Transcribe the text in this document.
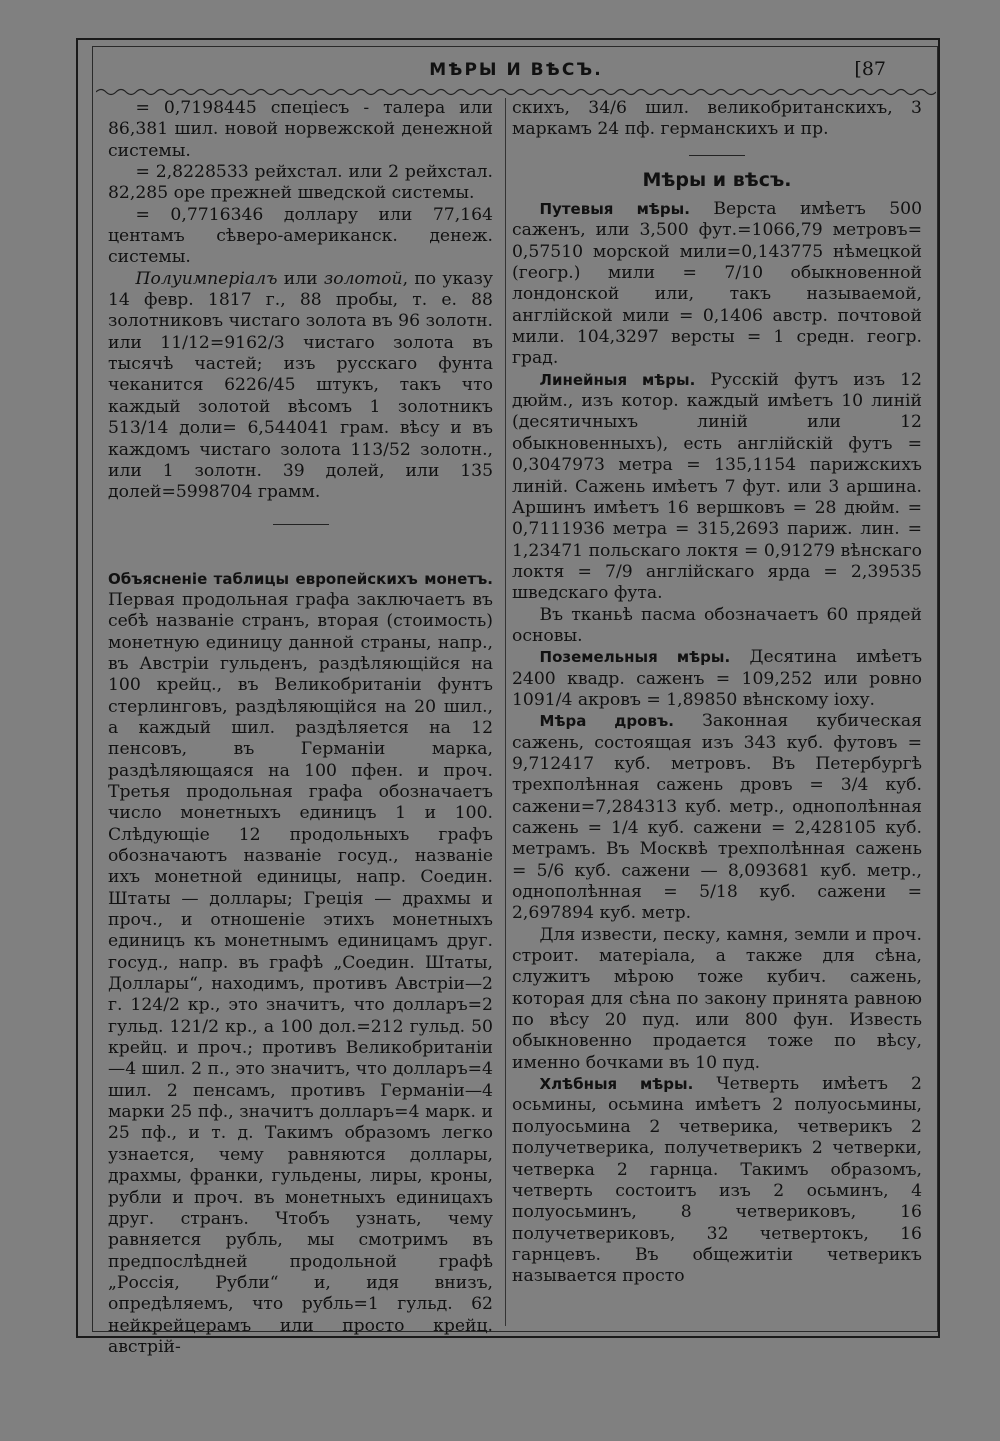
МѢРЫ И ВѢСЪ.	[87

= 0,7198445 спецiесъ - талера или 86,381 шил. новой норвежской денежной системы.

= 2,8228533 рейхстал. или 2 рейхстал. 82,285 оре прежней шведской системы.

= 0,7716346 доллару или 77,164 центамъ сѣверо-американск. денеж. системы.

Полуимперiалъ или золотой, по указу 14 февр. 1817 г., 88 пробы, т. е. 88 золотниковъ чистаго золота въ 96 золотн. или 11/12=9162/3 чистаго золота въ тысячѣ частей; изъ русскаго фунта чеканится 6226/45 штукъ, такъ что каждый золотой вѣсомъ 1 золотникъ 513/14 доли= 6,544041 грам. вѣсу и въ каждомъ чистаго золота 113/52 золотн., или 1 золотн. 39 долей, или 135 долей=5998704 грамм.

Объясненiе таблицы европейскихъ монетъ. Первая продольная графа заключаетъ въ себѣ названiе странъ, вторая (стоимость) монетную единицу данной страны, напр., въ Австрiи гульденъ, раздѣляющiйся на 100 крейц., въ Великобританiи фунтъ стерлинговъ, раздѣляющiйся на 20 шил., а каждый шил. раздѣляется на 12 пенсовъ, въ Германiи марка, раздѣляющаяся на 100 пфен. и проч. Третья продольная графа обозначаетъ число монетныхъ единицъ 1 и 100. Слѣдующiе 12 продольныхъ графъ обозначаютъ названiе госуд., названiе ихъ монетной единицы, напр. Соедин. Штаты — доллары; Грецiя — драхмы и проч., и отношенiе этихъ монетныхъ единицъ къ монетнымъ единицамъ друг. госуд., напр. въ графѣ „Соедин. Штаты, Доллары“, находимъ, противъ Австрiи—2 г. 124/2 кр., это значитъ, что долларъ=2 гульд. 121/2 кр., а 100 дол.=212 гульд. 50 крейц. и проч.; противъ Великобританiи—4 шил. 2 п., это значитъ, что долларъ=4 шил. 2 пенсамъ, противъ Германiи—4 марки 25 пф., значитъ долларъ=4 марк. и 25 пф., и т. д. Такимъ образомъ легко узнается, чему равняются доллары, драхмы, франки, гульдены, лиры, кроны, рубли и проч. въ монетныхъ единицахъ друг. странъ. Чтобъ узнать, чему равняется рубль, мы смотримъ въ предпослѣдней продольной графѣ „Россiя, Рубли“ и, идя внизъ, опредѣляемъ, что рубль=1 гульд. 62 нейкрейцерамъ или просто крейц. австрiй-

скихъ, 34/6 шил. великобританскихъ, 3 маркамъ 24 пф. германскихъ и пр.

Мѣры и вѣсъ.

Путевыя мѣры. Верста имѣетъ 500 саженъ, или 3,500 фут.=1066,79 метровъ= 0,57510 морской мили=0,143775 нѣмецкой (геогр.) мили = 7/10 обыкновенной лондонской или, такъ называемой, англiйской мили = 0,1406 австр. почтовой мили. 104,3297 версты = 1 средн. геогр. град.

Линейныя мѣры. Русскiй футъ изъ 12 дюйм., изъ котор. каждый имѣетъ 10 линiй (десятичныхъ линiй или 12 обыкновенныхъ), есть англiйскiй футъ = 0,3047973 метра = 135,1154 парижскихъ линiй. Сажень имѣетъ 7 фут. или 3 аршина. Аршинъ имѣетъ 16 вершковъ = 28 дюйм. = 0,7111936 метра = 315,2693 париж. лин. = 1,23471 польскаго локтя = 0,91279 вѣнскаго локтя = 7/9 англiйскаго ярда = 2,39535 шведскаго фута.

Въ тканьѣ пасма обозначаетъ 60 прядей основы.

Поземельныя мѣры. Десятина имѣетъ 2400 квадр. саженъ = 109,252 или ровно 1091/4 акровъ = 1,89850 вѣнскому iоху.

Мѣра дровъ. Законная кубическая сажень, состоящая изъ 343 куб. футовъ = 9,712417 куб. метровъ. Въ Петербургѣ трехполѣнная сажень дровъ = 3/4 куб. сажени=7,284313 куб. метр., однополѣнная сажень = 1/4 куб. сажени = 2,428105 куб. метрамъ. Въ Москвѣ трехполѣнная сажень = 5/6 куб. сажени — 8,093681 куб. метр., однополѣнная = 5/18 куб. сажени = 2,697894 куб. метр.

Для извести, песку, камня, земли и проч. строит. матерiала, а также для сѣна, служитъ мѣрою тоже кубич. сажень, которая для сѣна по закону принята равною по вѣсу 20 пуд. или 800 фун. Известь обыкновенно продается тоже по вѣсу, именно бочками въ 10 пуд.

Хлѣбныя мѣры. Четверть имѣетъ 2 осьмины, осьмина имѣетъ 2 полуосьмины, полуосьмина 2 четверика, четверикъ 2 получетверика, получетверикъ 2 четверки, четверка 2 гарнца. Такимъ образомъ, четверть состоитъ изъ 2 осьминъ, 4 полуосьминъ, 8 четвериковъ, 16 получетвериковъ, 32 четвертокъ, 16 гарнцевъ. Въ общежитiи четверикъ называется просто
